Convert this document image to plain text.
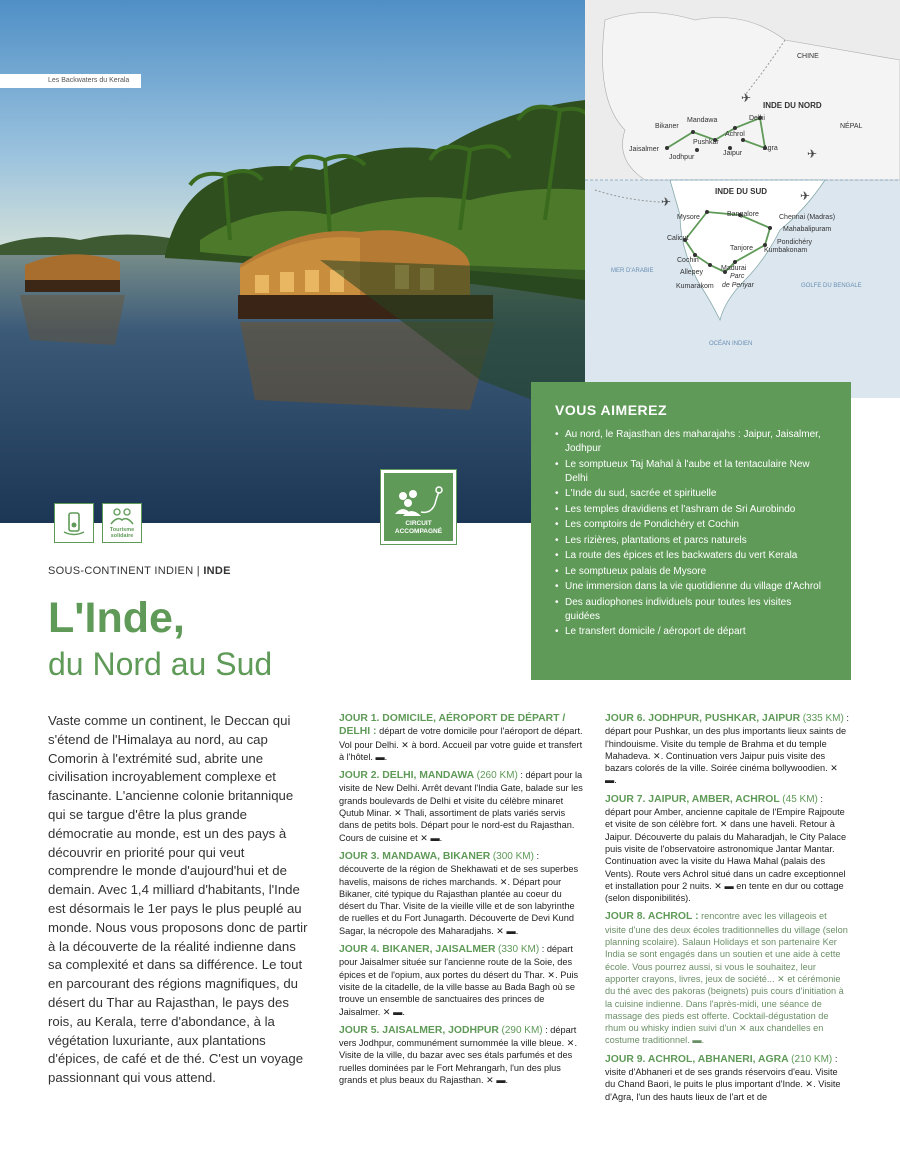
Les Backwaters du Kerala
✈
✈
✈
✈
CHINE
NÉPAL
INDE DU NORD
INDE DU SUD
Mandawa	Delhi
Bikaner
Achrol
Pushkar
Agra
Jaisalmer
Jaipur
Jodhpur
Bangalore
Mysore	Chennai (Madras)
Mahabalipuram
Calicut
Pondichéry
Tanjore Kumbakonam
Cochin
Madurai
Allepey
Kumarakom
Parc
de Periyar
MER D'ARABIE
GOLFE DU BENGALE
OCÉAN INDIEN
Tourisme solidaire
CIRCUIT
ACCOMPAGNÉ
VOUS AIMEREZ
• Au nord, le Rajasthan des maharajahs : Jaipur, Jaisalmer, Jodhpur
• Le somptueux Taj Mahal à l'aube et la tentaculaire New Delhi
• L'Inde du sud, sacrée et spirituelle
• Les temples dravidiens et l'ashram de Sri Aurobindo
• Les comptoirs de Pondichéry et Cochin
• Les rizières, plantations et parcs naturels
• La route des épices et les backwaters du vert Kerala
• Le somptueux palais de Mysore
• Une immersion dans la vie quotidienne du village d'Achrol
• Des audiophones individuels pour toutes les visites guidées
• Le transfert domicile / aéroport de départ
SOUS-CONTINENT INDIEN | INDE
L'Inde,
du Nord au Sud
Vaste comme un continent, le Deccan qui s'étend de l'Himalaya au nord, au cap Comorin à l'extrémité sud, abrite une civilisation incroyablement complexe et fascinante. L'ancienne colonie britannique qui se targue d'être la plus grande démocratie au monde, est un des pays à découvrir en priorité pour qui veut comprendre le monde d'aujourd'hui et de demain. Avec 1,4 milliard d'habitants, l'Inde est désormais le 1er pays le plus peuplé au monde. Nous vous proposons donc de partir à la découverte de la réalité indienne dans sa complexité et dans sa différence. Le tout en parcourant des régions magnifiques, du désert du Thar au Rajasthan, le pays des rois, au Kerala, terre d'abondance, à la végétation luxuriante, aux plantations d'épices, de café et de thé. C'est un voyage passionnant qui vous attend.

JOUR 1. DOMICILE, AÉROPORT DE DÉPART / DELHI : départ de votre domicile pour l'aéroport de départ. Vol pour Delhi. ✕ à bord. Accueil par votre guide et transfert à l'hôtel. ▬.

JOUR 2. DELHI, MANDAWA (260 KM) : départ pour la visite de New Delhi. Arrêt devant l'India Gate, balade sur les grands boulevards de Delhi et visite du célèbre minaret Qutub Minar. ✕ Thali, assortiment de plats variés servis dans de petits bols. Départ pour le nord-est du Rajasthan. Cours de cuisine et ✕ ▬.

JOUR 3. MANDAWA, BIKANER (300 KM) : découverte de la région de Shekhawati et de ses superbes havelis, maisons de riches marchands. ✕. Départ pour Bikaner, cité typique du Rajasthan plantée au coeur du désert du Thar. Visite de la vieille ville et de son labyrinthe de ruelles et du Fort Junagarth. Découverte de Devi Kund Sagar, la nécropole des Maharadjahs. ✕ ▬.

JOUR 4. BIKANER, JAISALMER (330 KM) : départ pour Jaisalmer située sur l'ancienne route de la Soie, des épices et de l'opium, aux portes du désert du Thar. ✕. Puis visite de la citadelle, de la ville basse au Bada Bagh où se trouve un ensemble de sanctuaires des princes de Jaisalmer. ✕ ▬.

JOUR 5. JAISALMER, JODHPUR (290 KM) : départ vers Jodhpur, communément surnommée la ville bleue. ✕. Visite de la ville, du bazar avec ses étals parfumés et des ruelles dominées par le Fort Mehrangarh, l'un des plus grands et plus beaux du Rajasthan. ✕ ▬.

JOUR 6. JODHPUR, PUSHKAR, JAIPUR (335 KM) : départ pour Pushkar, un des plus importants lieux saints de l'hindouisme. Visite du temple de Brahma et du temple Mahadeva. ✕. Continuation vers Jaipur puis visite des bazars colorés de la ville. Soirée cinéma bollywoodien. ✕ ▬.

JOUR 7. JAIPUR, AMBER, ACHROL (45 KM) : départ pour Amber, ancienne capitale de l'Empire Rajpoute et visite de son célèbre fort. ✕ dans une haveli. Retour à Jaipur. Découverte du palais du Maharadjah, le City Palace puis visite de l'observatoire astronomique Jantar Mantar. Continuation avec la visite du Hawa Mahal (palais des Vents). Route vers Achrol situé dans un cadre exceptionnel et installation pour 2 nuits. ✕ ▬ en tente en dur ou cottage (selon disponibilités).

JOUR 8. ACHROL : rencontre avec les villageois et visite d'une des deux écoles traditionnelles du village (selon planning scolaire). Salaun Holidays et son partenaire Ker India se sont engagés dans un soutien et une aide à cette école. Vous pourrez aussi, si vous le souhaitez, leur apporter crayons, livres, jeux de société... ✕ et cérémonie du thé avec des pakoras (beignets) puis cours d'initiation à la cuisine indienne. Dans l'après-midi, une séance de massage des pieds est offerte. Cocktail-dégustation de rhum ou whisky indien suivi d'un ✕ aux chandelles en costume traditionnel. ▬.

JOUR 9. ACHROL, ABHANERI, AGRA (210 KM) : visite d'Abhaneri et de ses grands réservoirs d'eau. Visite du Chand Baori, le puits le plus important d'Inde. ✕. Visite d'Agra, l'un des hauts lieux de l'art et de
